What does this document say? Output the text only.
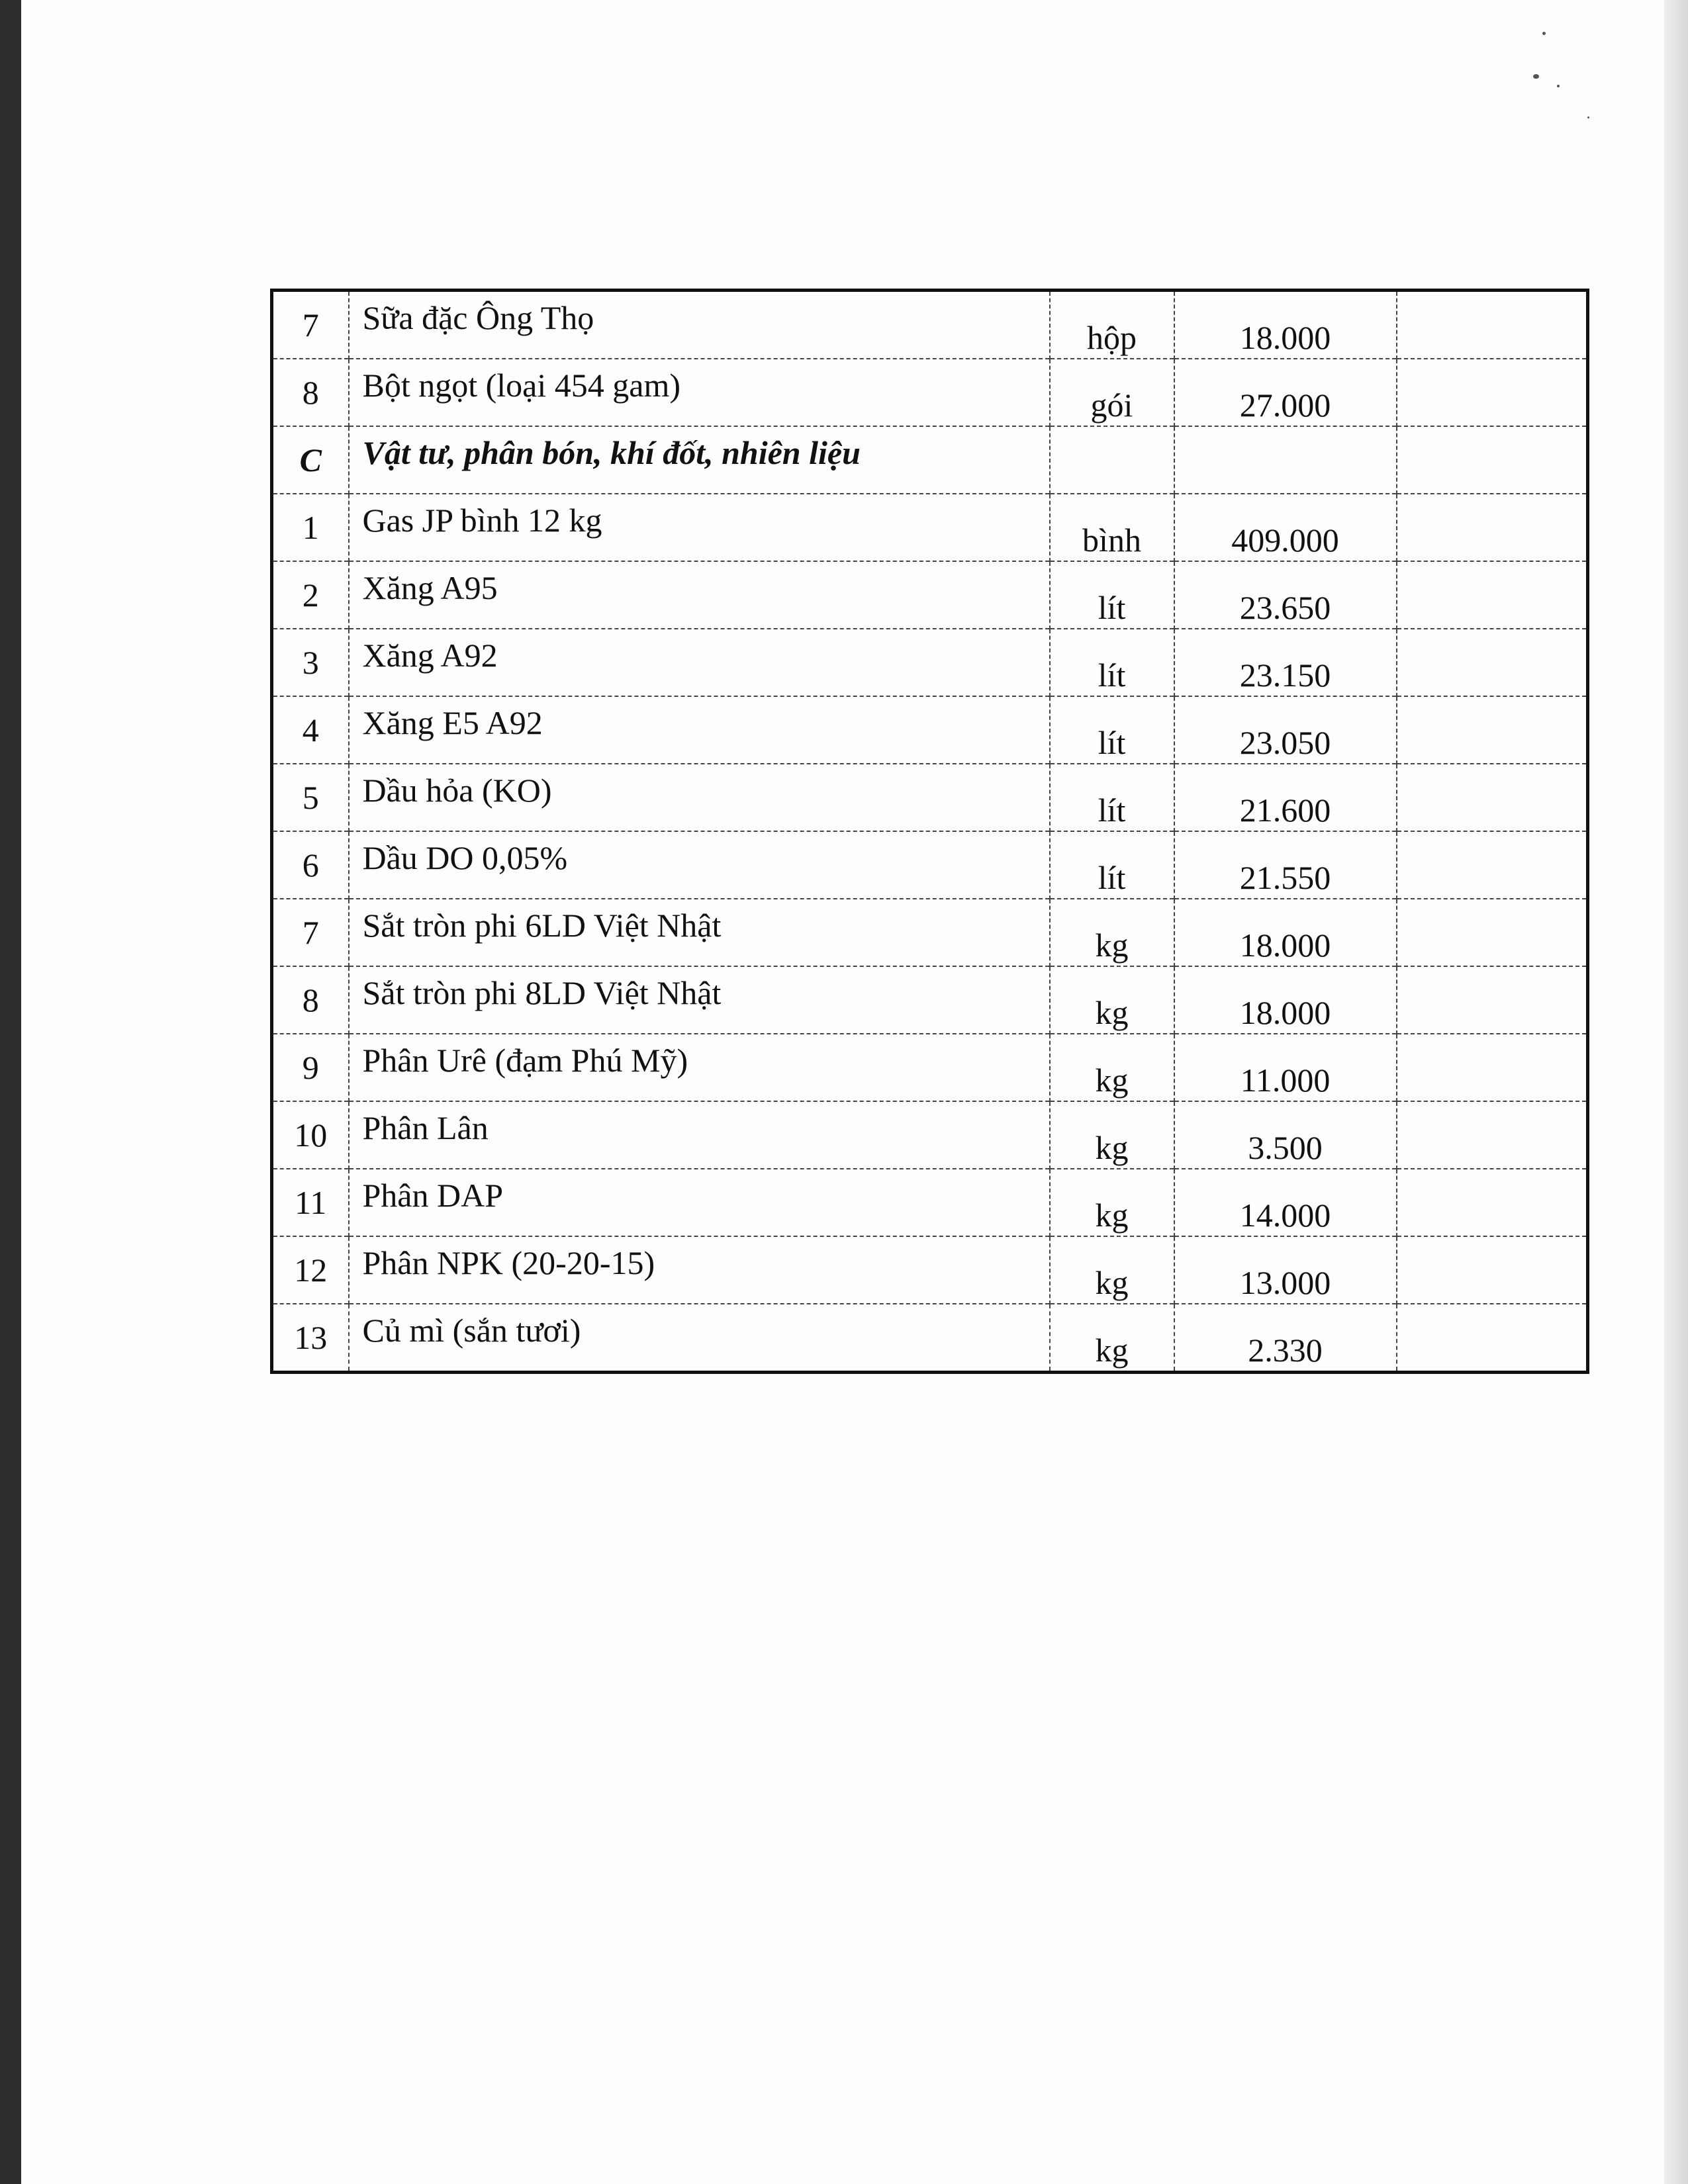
7	Sữa đặc Ông Thọ	hộp	18.000	
8	Bột ngọt (loại 454 gam)	gói	27.000	
C	Vật tư, phân bón, khí đốt, nhiên liệu			
1	Gas JP bình 12 kg	bình	409.000	
2	Xăng A95	lít	23.650	
3	Xăng A92	lít	23.150	
4	Xăng E5 A92	lít	23.050	
5	Dầu hỏa (KO)	lít	21.600	
6	Dầu DO 0,05%	lít	21.550	
7	Sắt tròn phi 6LD Việt Nhật	kg	18.000	
8	Sắt tròn phi 8LD Việt Nhật	kg	18.000	
9	Phân Urê (đạm Phú Mỹ)	kg	11.000	
10	Phân Lân	kg	3.500	
11	Phân DAP	kg	14.000	
12	Phân NPK (20-20-15)	kg	13.000	
13	Củ mì (sắn tươi)	kg	2.330	
